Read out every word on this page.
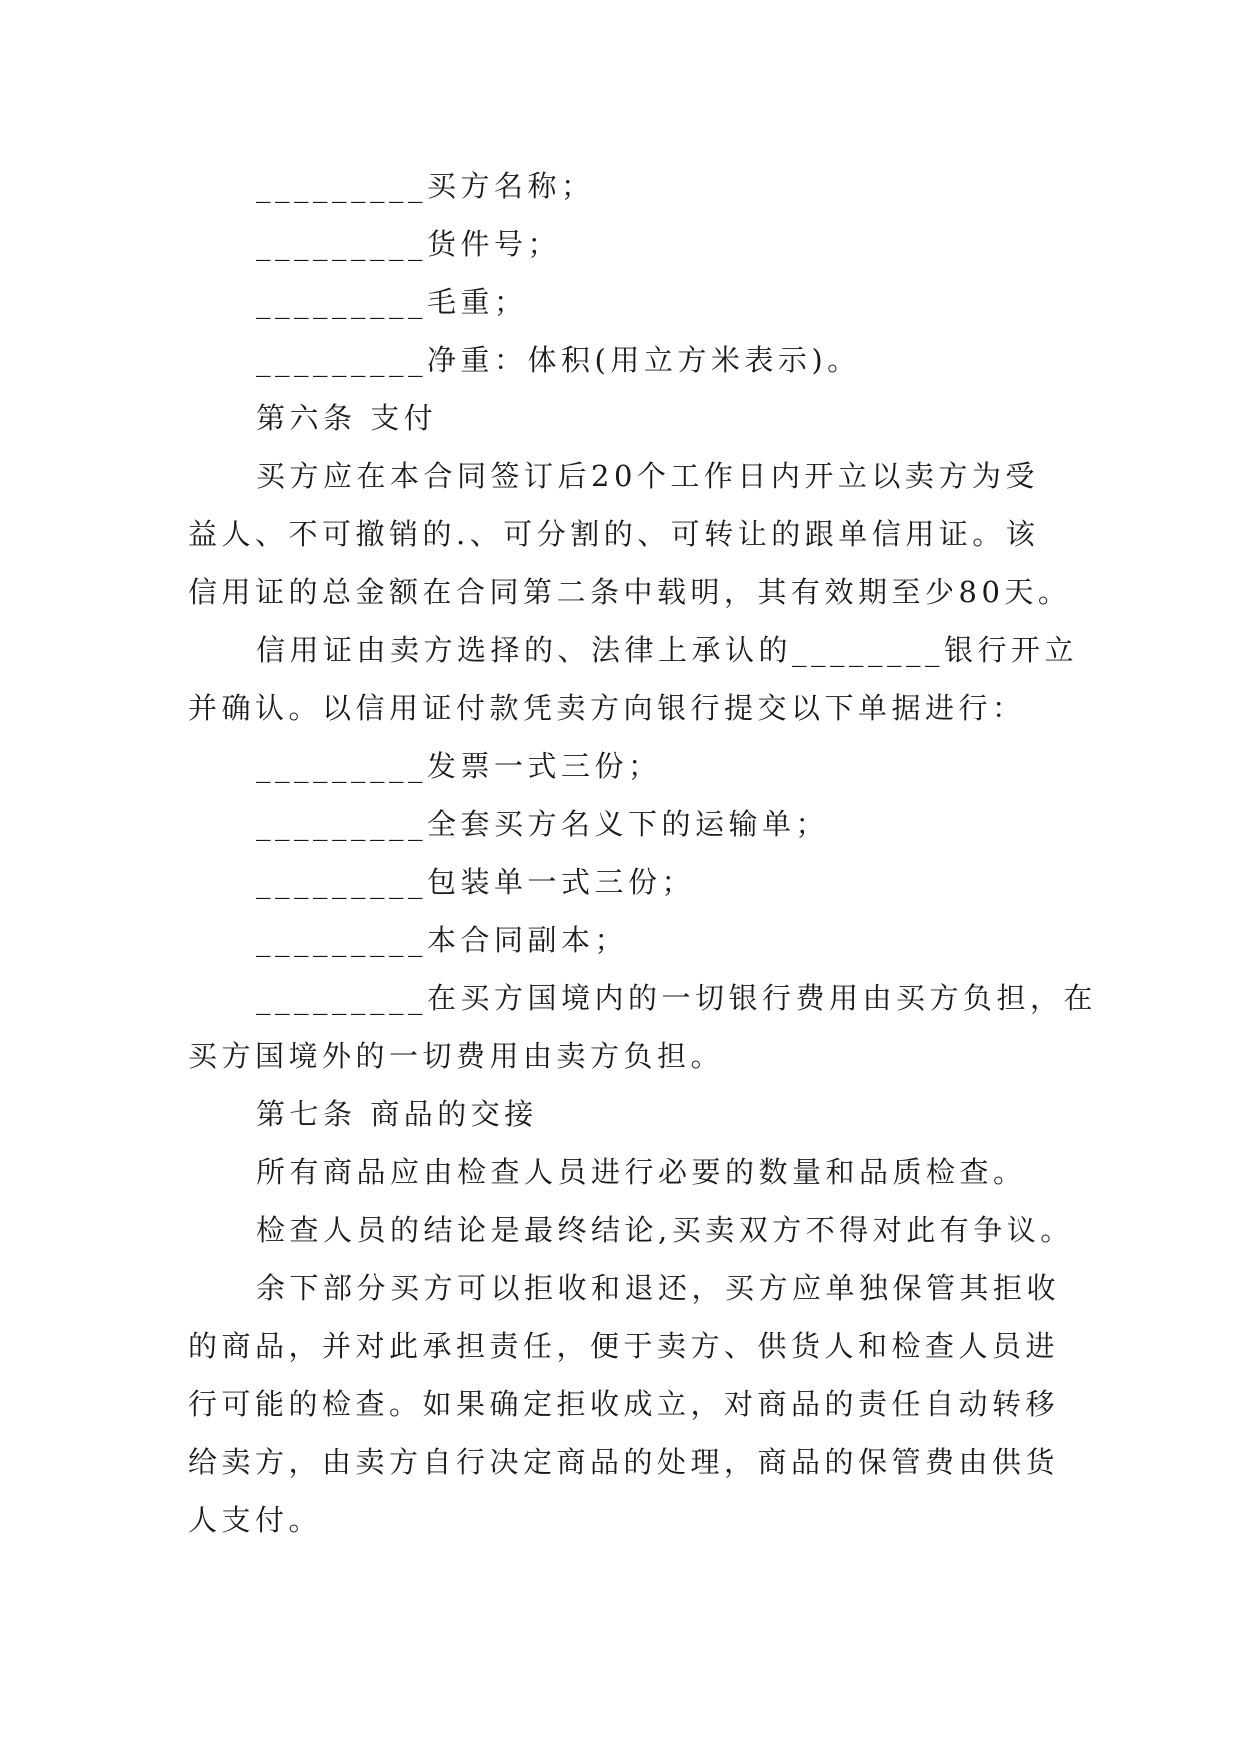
_________买方名称；

_________货件号；

_________毛重；

_________净重：体积(用立方米表示)。

第六条 支付

买方应在本合同签订后20个工作日内开立以卖方为受

益人、不可撤销的.、可分割的、可转让的跟单信用证。该

信用证的总金额在合同第二条中载明，其有效期至少80天。

信用证由卖方选择的、法律上承认的________银行开立

并确认。以信用证付款凭卖方向银行提交以下单据进行：

_________发票一式三份；

_________全套买方名义下的运输单；

_________包装单一式三份；

_________本合同副本；

_________在买方国境内的一切银行费用由买方负担，在

买方国境外的一切费用由卖方负担。

第七条 商品的交接

所有商品应由检查人员进行必要的数量和品质检查。

检查人员的结论是最终结论,买卖双方不得对此有争议。

余下部分买方可以拒收和退还，买方应单独保管其拒收

的商品，并对此承担责任，便于卖方、供货人和检查人员进

行可能的检查。如果确定拒收成立，对商品的责任自动转移

给卖方，由卖方自行决定商品的处理，商品的保管费由供货

人支付。
